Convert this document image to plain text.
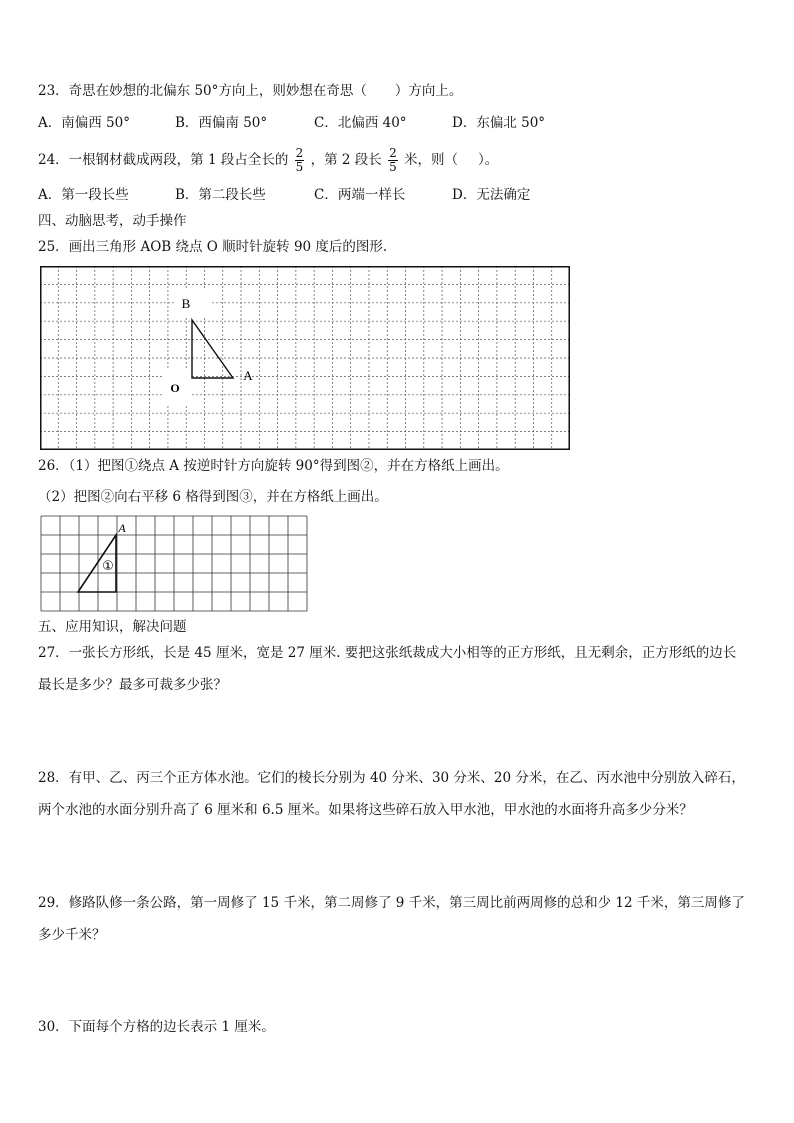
23．奇思在妙想的北偏东 50°方向上，则妙想在奇思（ ）方向上。
A．南偏西 50°	B．西偏南 50°	C．北偏西 40°	D．东偏北 50°
24．一根钢材截成两段，第 1 段占全长的 $\frac{2}{5}$ ，第 2 段长 $\frac{2}{5}$ 米，则（ ）。
A．第一段长些	B．第二段长些	C．两端一样长	D．无法确定
四、动脑思考，动手操作
25．画出三角形 AOB 绕点 O 顺时针旋转 90 度后的图形.
B
A
O
26．（1）把图①绕点 A 按逆时针方向旋转 90°得到图②，并在方格纸上画出。
（2）把图②向右平移 6 格得到图③，并在方格纸上画出。
A
①
五、应用知识，解决问题
27．一张长方形纸，长是 45 厘米，宽是 27 厘米. 要把这张纸裁成大小相等的正方形纸，且无剩余，正方形纸的边长
最长是多少？最多可裁多少张？
28．有甲、乙、丙三个正方体水池。它们的棱长分别为 40 分米、30 分米、20 分米，在乙、丙水池中分别放入碎石，
两个水池的水面分别升高了 6 厘米和 6.5 厘米。如果将这些碎石放入甲水池，甲水池的水面将升高多少分米？
29．修路队修一条公路，第一周修了 15 千米，第二周修了 9 千米，第三周比前两周修的总和少 12 千米，第三周修了
多少千米？
30．下面每个方格的边长表示 1 厘米。
